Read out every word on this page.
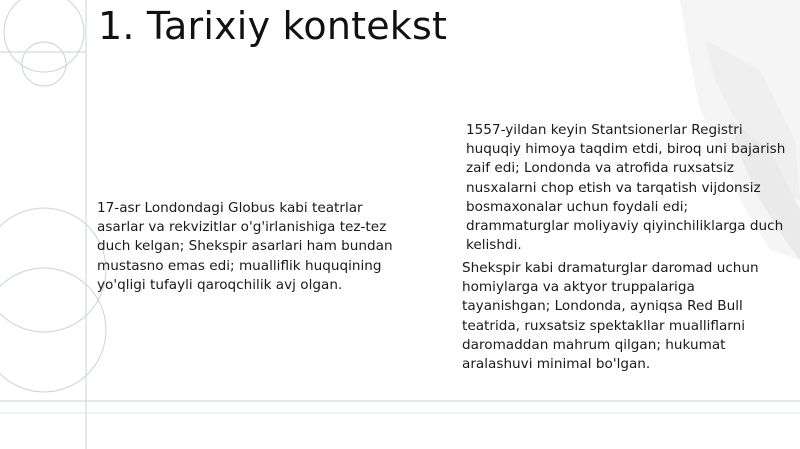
1. Tarixiy kontekst

17-asr Londondagi Globus kabi teatrlar asarlar va rekvizitlar o'g'irlanishiga tez-tez duch kelgan; Shekspir asarlari ham bundan mustasno emas edi; mualliflik huquqining yo'qligi tufayli qaroqchilik avj olgan.

1557-yildan keyin Stantsionerlar Registri huquqiy himoya taqdim etdi, biroq uni bajarish zaif edi; Londonda va atrofida ruxsatsiz nusxalarni chop etish va tarqatish vijdonsiz bosmaxonalar uchun foydali edi; drammaturglar moliyaviy qiyinchiliklarga duch kelishdi.

Shekspir kabi dramaturglar daromad uchun homiylarga va aktyor truppalariga tayanishgan; Londonda, ayniqsa Red Bull teatrida, ruxsatsiz spektakllar mualliflarni daromaddan mahrum qilgan; hukumat aralashuvi minimal bo'lgan.
